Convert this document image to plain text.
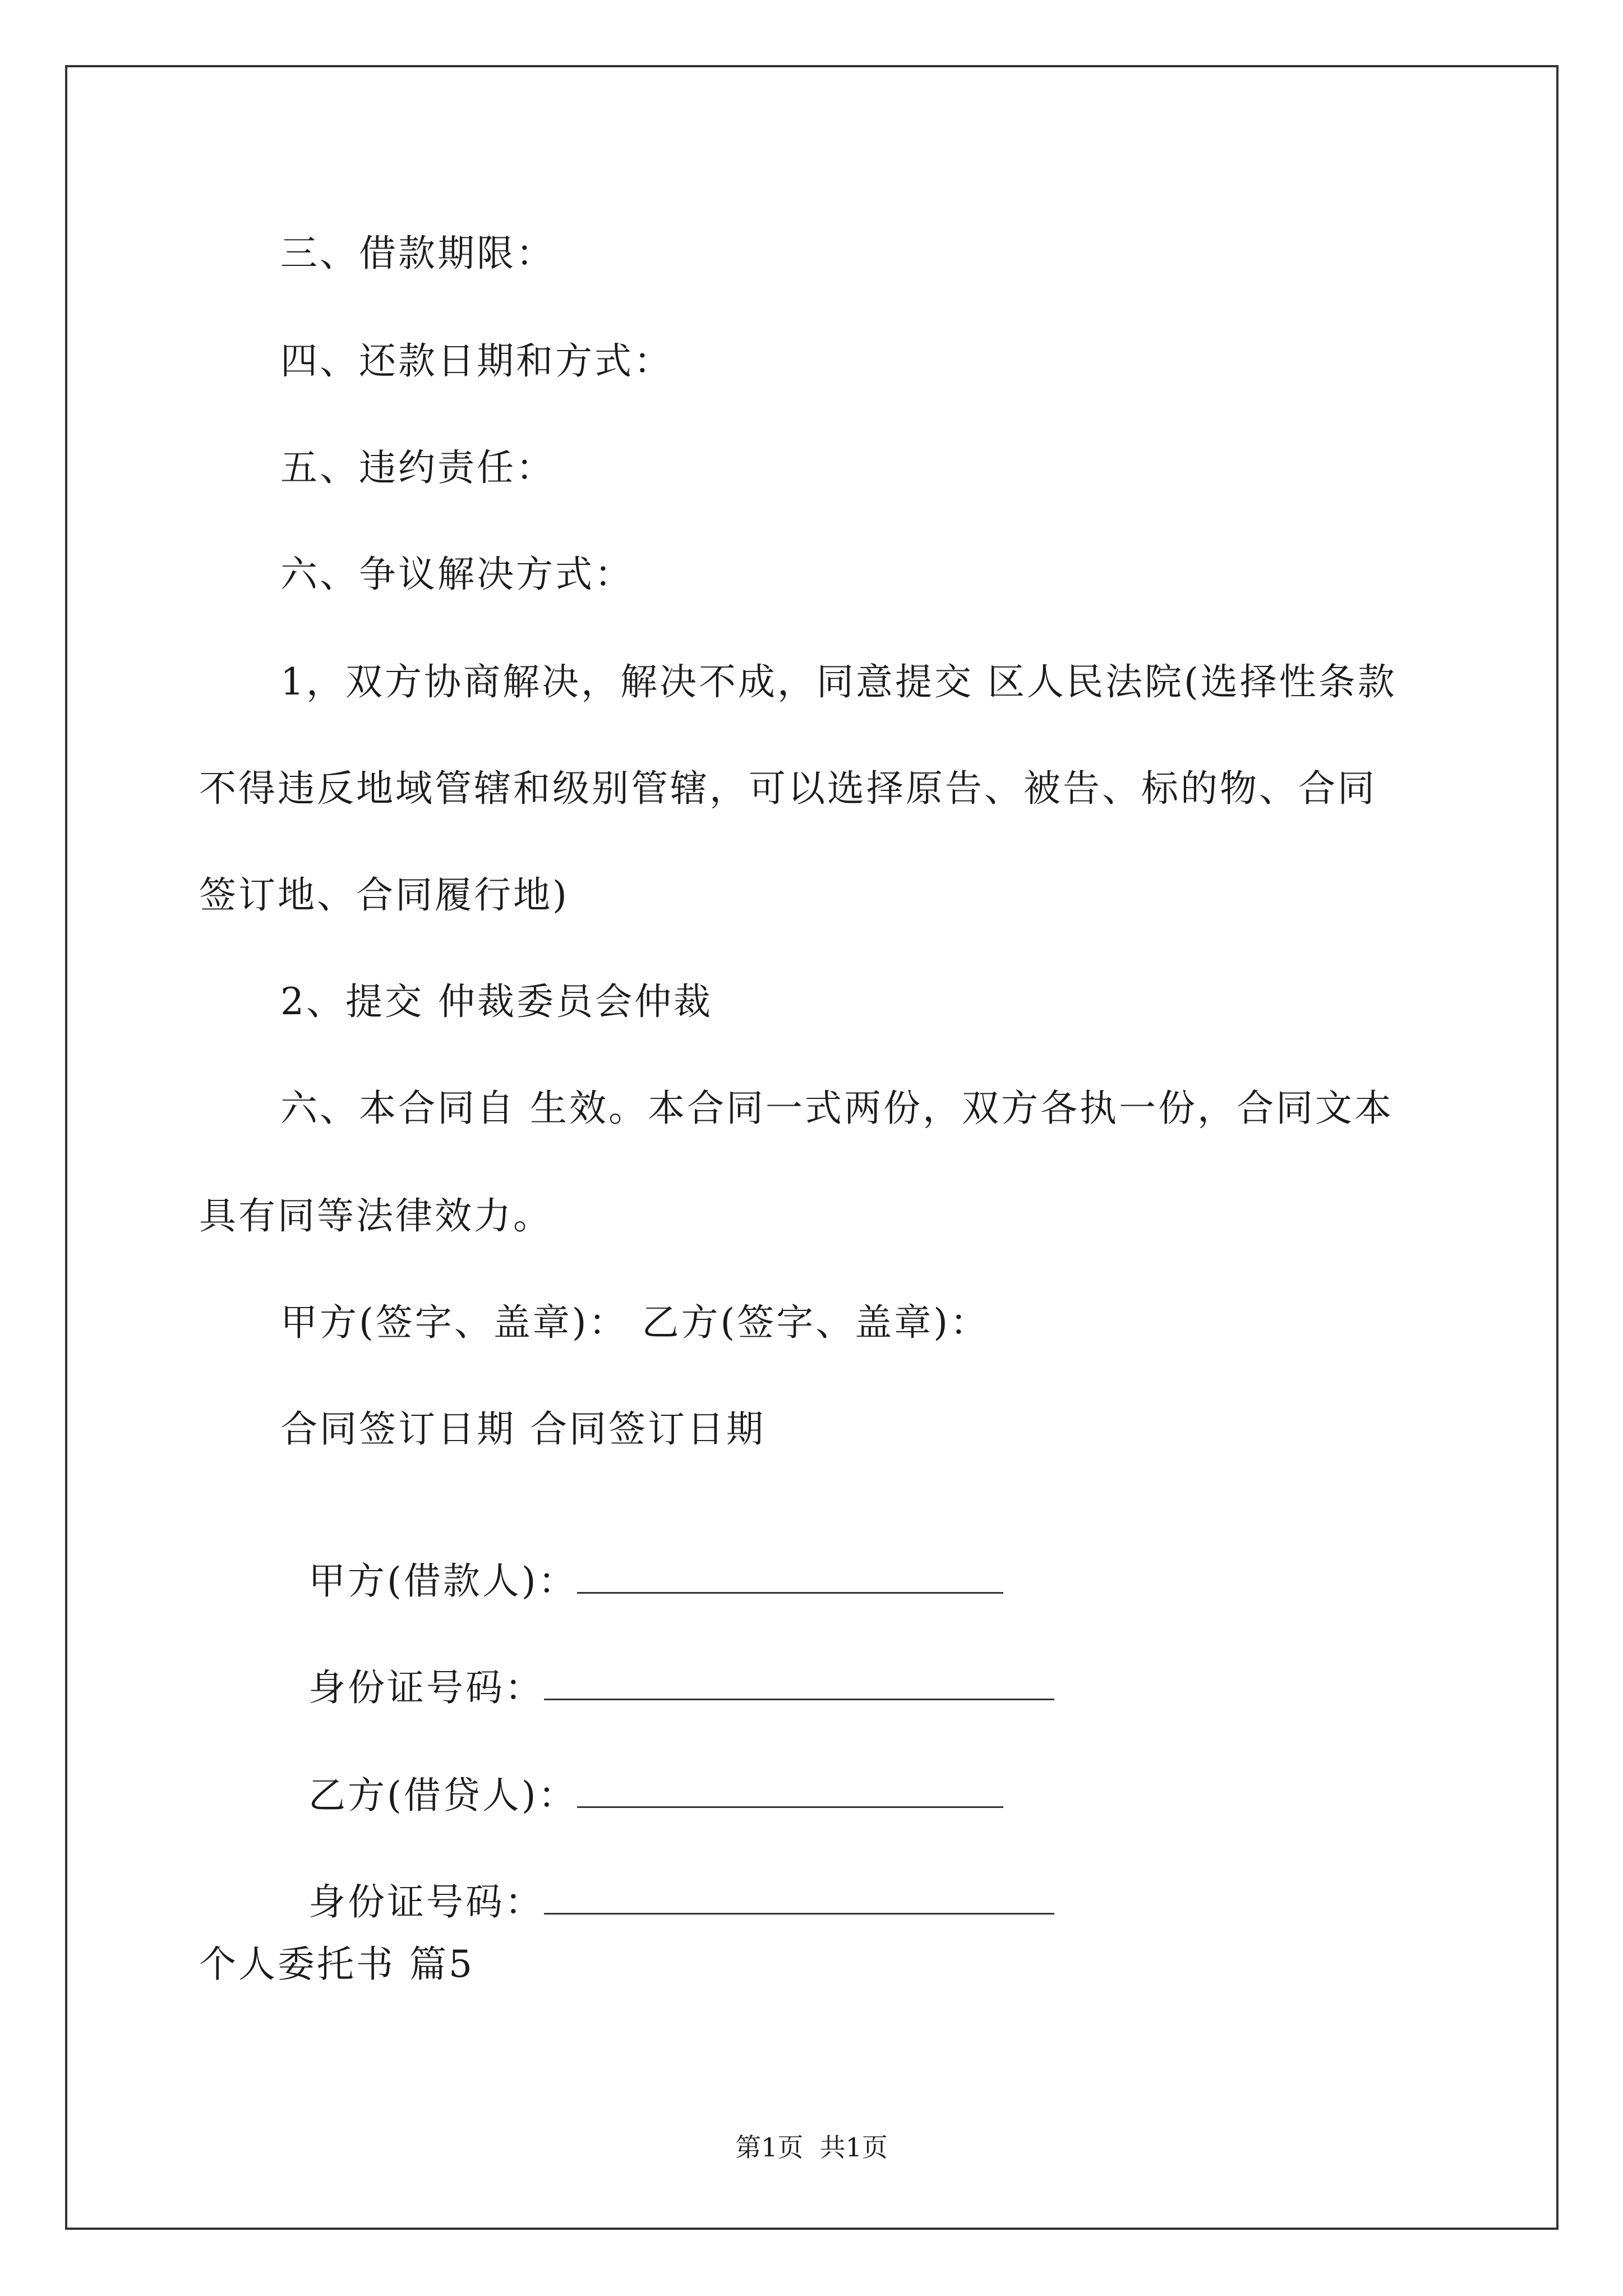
三、借款期限：
四、还款日期和方式：
五、违约责任：
六、争议解决方式：
1，双方协商解决，解决不成，同意提交 区人民法院(选择性条款
不得违反地域管辖和级别管辖，可以选择原告、被告、标的物、合同
签订地、合同履行地)
2、提交 仲裁委员会仲裁
六、本合同自 生效。本合同一式两份，双方各执一份，合同文本
具有同等法律效力。
甲方(签字、盖章)： 乙方(签字、盖章)：
合同签订日期 合同签订日期

甲方(借款人)：

身份证号码：

乙方(借贷人)：

身份证号码：

个人委托书 篇5
第1页  共1页
